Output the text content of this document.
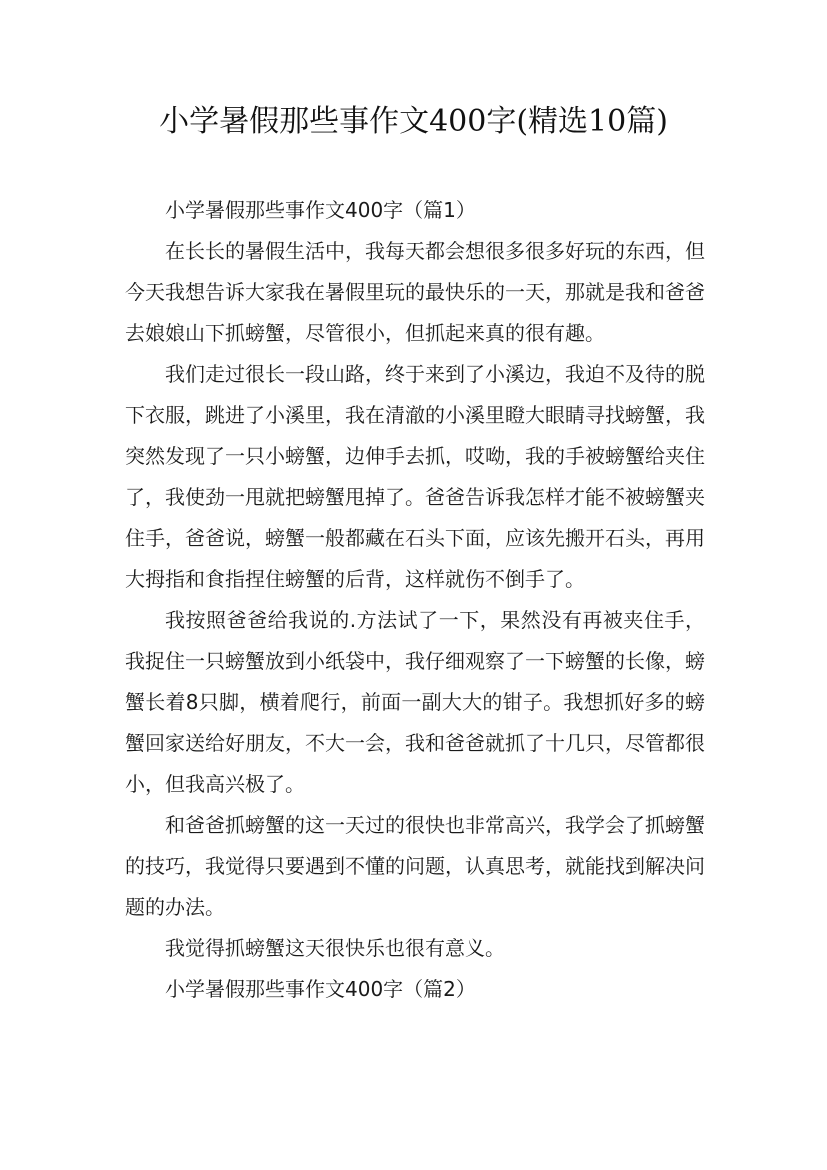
小学暑假那些事作文400字(精选10篇)

小学暑假那些事作文400字（篇1）

在长长的暑假生活中，我每天都会想很多很多好玩的东西，但今天我想告诉大家我在暑假里玩的最快乐的一天，那就是我和爸爸去娘娘山下抓螃蟹，尽管很小，但抓起来真的很有趣。

我们走过很长一段山路，终于来到了小溪边，我迫不及待的脱下衣服，跳进了小溪里，我在清澈的小溪里瞪大眼睛寻找螃蟹，我突然发现了一只小螃蟹，边伸手去抓，哎呦，我的手被螃蟹给夹住了，我使劲一甩就把螃蟹甩掉了。爸爸告诉我怎样才能不被螃蟹夹住手，爸爸说，螃蟹一般都藏在石头下面，应该先搬开石头，再用大拇指和食指捏住螃蟹的后背，这样就伤不倒手了。

我按照爸爸给我说的.方法试了一下，果然没有再被夹住手，我捉住一只螃蟹放到小纸袋中，我仔细观察了一下螃蟹的长像，螃蟹长着8只脚，横着爬行，前面一副大大的钳子。我想抓好多的螃蟹回家送给好朋友，不大一会，我和爸爸就抓了十几只，尽管都很小，但我高兴极了。

和爸爸抓螃蟹的这一天过的很快也非常高兴，我学会了抓螃蟹的技巧，我觉得只要遇到不懂的问题，认真思考，就能找到解决问题的办法。

我觉得抓螃蟹这天很快乐也很有意义。

小学暑假那些事作文400字（篇2）
